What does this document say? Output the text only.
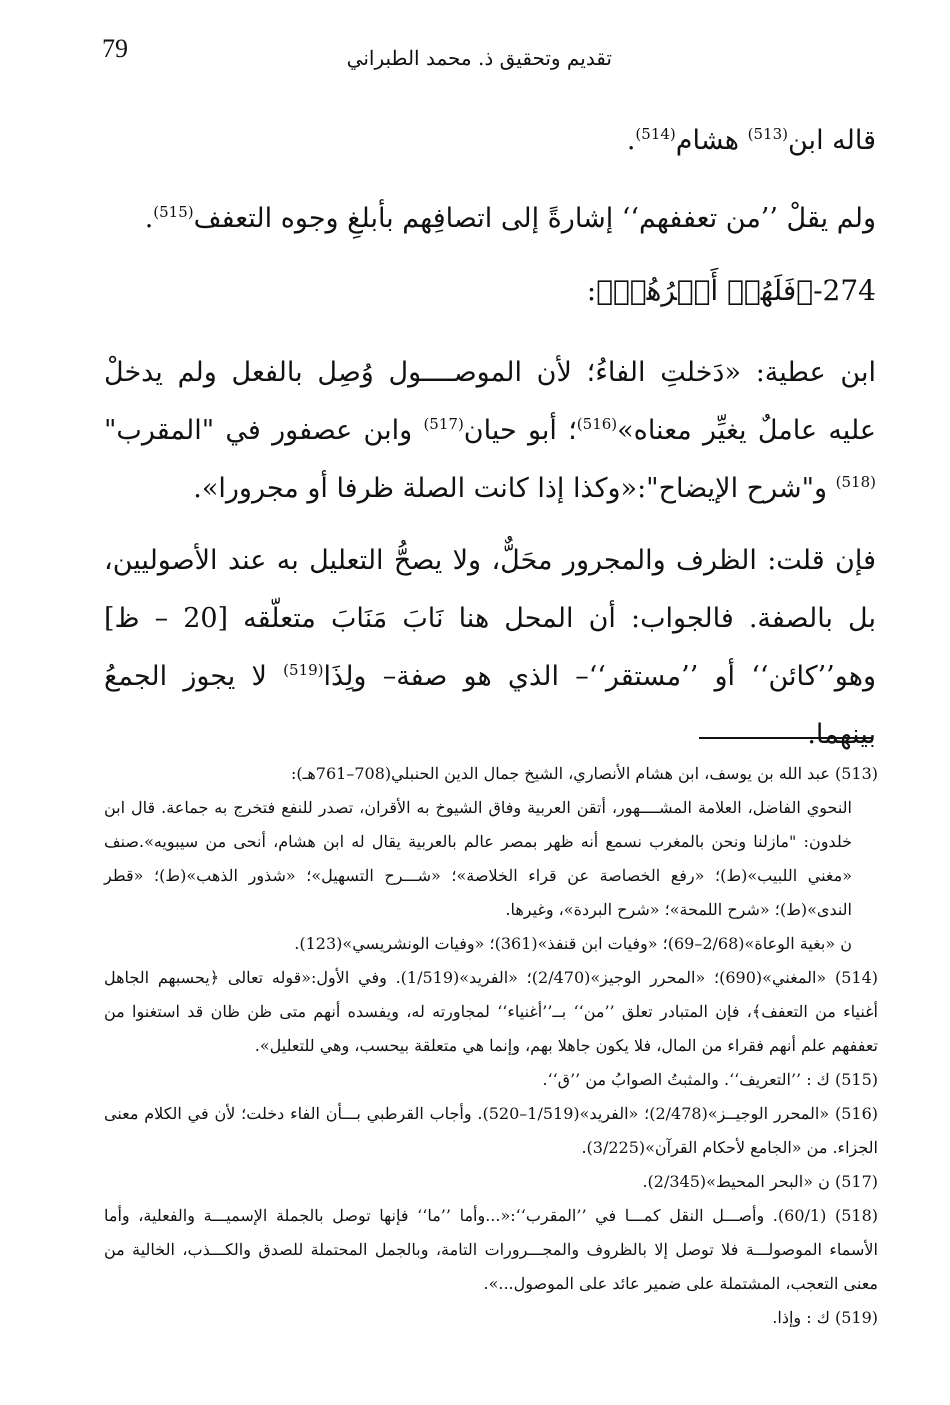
79	تقديم وتحقيق ذ. محمد الطبراني

قاله ابن$^{(513)}$ هشام$^{(514)}$.

ولم يقلْ ’’من تعففهم‘‘ إشارةً إلى اتصافِهم بأبلغِ وجوه التعفف$^{(515)}$.

274-﴿فَلَهُمۡ أَجۡرُهُمۡ﴾:

ابن عطية: «دَخلتِ الفاءُ؛ لأن الموصــــول وُصِل بالفعل ولم يدخلْ عليه عاملٌ يغيِّر معناه»$^{(516)}$؛ أبو حيان$^{(517)}$ وابن عصفور في "المقرب"$^{(518)}$ و"شرح الإيضاح":«وكذا إذا كانت الصلة ظرفا أو مجرورا».

فإن قلت: الظرف والمجرور محَلٌّ، ولا يصحُّ التعليل به عند الأصوليين، بل بالصفة. فالجواب: أن المحل هنا نَابَ مَنَابَ متعلّقه [20 – ظ] وهو’’كائن‘‘ أو ’’مستقر‘‘– الذي هو صفة– ولِذَا$^{(519)}$ لا يجوز الجمعُ بينهما.

(513) عبد الله بن يوسف، ابن هشام الأنصاري، الشيخ جمال الدين الحنبلي(708–761هـ):

النحوي الفاضل، العلامة المشــــهور، أتقن العربية وفاق الشيوخ به الأقران، تصدر للنفع فتخرج به جماعة. قال ابن خلدون: "مازلنا ونحن بالمغرب نسمع أنه ظهر بمصر عالم بالعربية يقال له ابن هشام، أنحى من سيبويه».صنف «مغني اللبيب»(ط)؛ «رفع الخصاصة عن قراء الخلاصة»؛ «شـــرح التسهيل»؛ «شذور الذهب»(ط)؛ «قطر الندى»(ط)؛ «شرح اللمحة»؛ «شرح البردة»، وغيرها.

ن «بغية الوعاة»(2/68–69)؛ «وفيات ابن قنفذ»(361)؛ «وفيات الونشريسي»(123).

(514) «المغني»(690)؛ «المحرر الوجيز»(2/470)؛ «الفريد»(1/519). وفي الأول:«قوله تعالى ﴿يحسبهم الجاهل أغنياء من التعفف﴾، فإن المتبادر تعلق ’’من‘‘ بــ’’أغنياء‘‘ لمجاورته له، ويفسده أنهم متى ظن ظان قد استغنوا من تعففهم علم أنهم فقراء من المال، فلا يكون جاهلا بهم، وإنما هي متعلقة بيحسب، وهي للتعليل».

(515) ك : ’’التعريف‘‘. والمثبتُ الصوابُ من ’’ق‘‘.

(516) «المحرر الوجيــز»(2/478)؛ «الفريد»(1/519–520). وأجاب القرطبي بـــأن الفاء دخلت؛ لأن في الكلام معنى الجزاء. من «الجامع لأحكام القرآن»(3/225).

(517) ن «البحر المحيط»(2/345).

(518) (60/1). وأصـــل النقل كمـــا في ’’المقرب‘‘:«...وأما ’’ما‘‘ فإنها توصل بالجملة الإسميـــة والفعلية، وأما الأسماء الموصولـــة فلا توصل إلا بالظروف والمجـــرورات التامة، وبالجمل المحتملة للصدق والكـــذب، الخالية من معنى التعجب، المشتملة على ضمير عائد على الموصول...».

(519) ك : وإذا.
